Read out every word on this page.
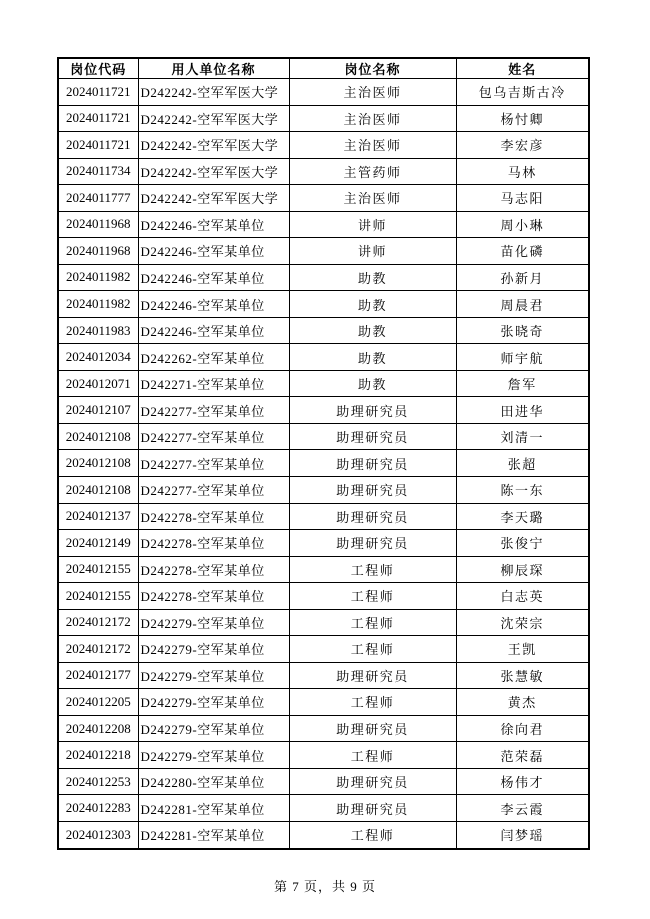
岗位代码	用人单位名称	岗位名称	姓名
2024011721	D242242-空军军医大学	主治医师	包乌吉斯古冷
2024011721	D242242-空军军医大学	主治医师	杨忖卿
2024011721	D242242-空军军医大学	主治医师	李宏彦
2024011734	D242242-空军军医大学	主管药师	马林
2024011777	D242242-空军军医大学	主治医师	马志阳
2024011968	D242246-空军某单位	讲师	周小琳
2024011968	D242246-空军某单位	讲师	苗化磷
2024011982	D242246-空军某单位	助教	孙新月
2024011982	D242246-空军某单位	助教	周晨君
2024011983	D242246-空军某单位	助教	张晓奇
2024012034	D242262-空军某单位	助教	师宇航
2024012071	D242271-空军某单位	助教	詹军
2024012107	D242277-空军某单位	助理研究员	田进华
2024012108	D242277-空军某单位	助理研究员	刘清一
2024012108	D242277-空军某单位	助理研究员	张超
2024012108	D242277-空军某单位	助理研究员	陈一东
2024012137	D242278-空军某单位	助理研究员	李天璐
2024012149	D242278-空军某单位	助理研究员	张俊宁
2024012155	D242278-空军某单位	工程师	柳辰琛
2024012155	D242278-空军某单位	工程师	白志英
2024012172	D242279-空军某单位	工程师	沈荣宗
2024012172	D242279-空军某单位	工程师	王凯
2024012177	D242279-空军某单位	助理研究员	张慧敏
2024012205	D242279-空军某单位	工程师	黄杰
2024012208	D242279-空军某单位	助理研究员	徐向君
2024012218	D242279-空军某单位	工程师	范荣磊
2024012253	D242280-空军某单位	助理研究员	杨伟才
2024012283	D242281-空军某单位	助理研究员	李云霞
2024012303	D242281-空军某单位	工程师	闫梦瑶
第 7 页，共 9 页
